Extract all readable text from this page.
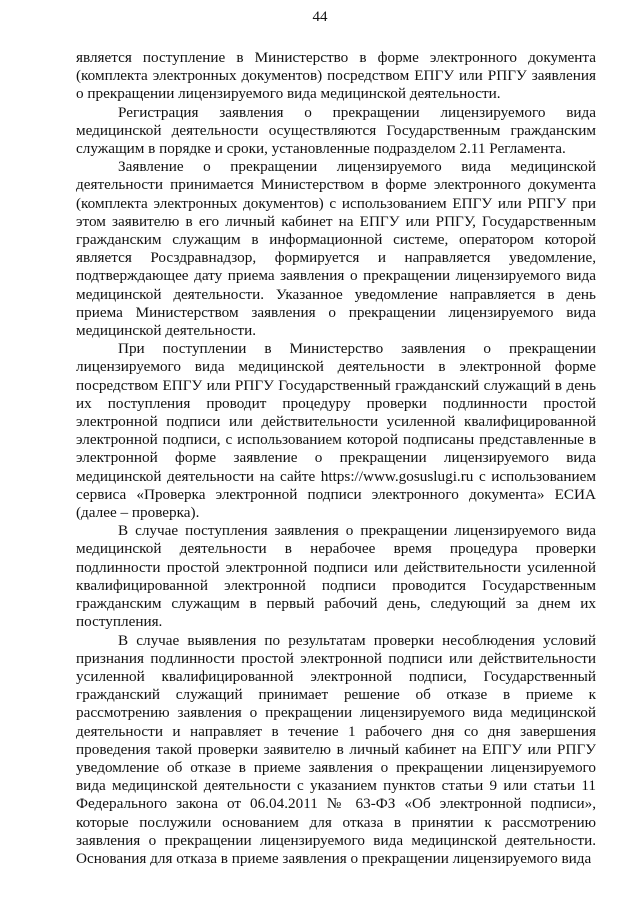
44

является поступление в Министерство в форме электронного документа (комплекта электронных документов) посредством ЕПГУ или РПГУ заявления о прекращении лицензируемого вида медицинской деятельности.

Регистрация заявления о прекращении лицензируемого вида медицинской деятельности осуществляются Государственным гражданским служащим в порядке и сроки, установленные подразделом 2.11 Регламента.

Заявление о прекращении лицензируемого вида медицинской деятельности принимается Министерством в форме электронного документа (комплекта электронных документов) с использованием ЕПГУ или РПГУ при этом заявителю в его личный кабинет на ЕПГУ или РПГУ, Государственным гражданским служащим в информационной системе, оператором которой является Росздравнадзор, формируется и направляется уведомление, подтверждающее дату приема заявления о прекращении лицензируемого вида медицинской деятельности. Указанное уведомление направляется в день приема Министерством заявления о прекращении лицензируемого вида медицинской деятельности.

При поступлении в Министерство заявления о прекращении лицензируемого вида медицинской деятельности в электронной форме посредством ЕПГУ или РПГУ Государственный гражданский служащий в день их поступления проводит процедуру проверки подлинности простой электронной подписи или действительности усиленной квалифицированной электронной подписи, с использованием которой подписаны представленные в электронной форме заявление о прекращении лицензируемого вида медицинской деятельности на сайте https://www.gosuslugi.ru с использованием сервиса «Проверка электронной подписи электронного документа» ЕСИА (далее – проверка).

В случае поступления заявления о прекращении лицензируемого вида медицинской деятельности в нерабочее время процедура проверки подлинности простой электронной подписи или действительности усиленной квалифицированной электронной подписи проводится Государственным гражданским служащим в первый рабочий день, следующий за днем их поступления.

В случае выявления по результатам проверки несоблюдения условий признания подлинности простой электронной подписи или действительности усиленной квалифицированной электронной подписи, Государственный гражданский служащий принимает решение об отказе в приеме к рассмотрению заявления о прекращении лицензируемого вида медицинской деятельности и направляет в течение 1 рабочего дня со дня завершения проведения такой проверки заявителю в личный кабинет на ЕПГУ или РПГУ уведомление об отказе в приеме заявления о прекращении лицензируемого вида медицинской деятельности с указанием пунктов статьи 9 или статьи 11 Федерального закона от 06.04.2011 № 63-ФЗ «Об электронной подписи», которые послужили основанием для отказа в принятии к рассмотрению заявления о прекращении лицензируемого вида медицинской деятельности. Основания для отказа в приеме заявления о прекращении лицензируемого вида
